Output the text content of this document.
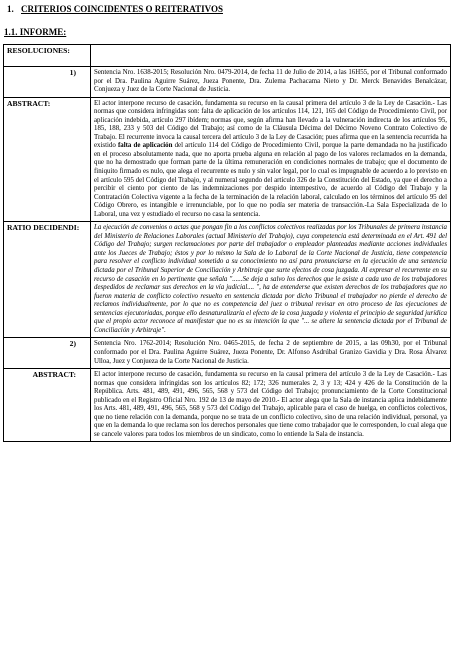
1. CRITERIOS COINCIDENTES O REITERATIVOS
1.1. INFORME:
RESOLUCIONES:	
1)	Sentencia Nro. 1638-2015; Resolución Nro. 0479-2014, de fecha 11 de Julio de 2014, a las 16H55, por el Tribunal conformado por el Dra. Paulina Aguirre Suárez, Jueza Ponente, Dra. Zulema Pachacama Nieto y Dr. Merck Benavides Benalcázar, Conjueza y Juez de la Corte Nacional de Justicia.
ABSTRACT:	El actor interpone recurso de casación, fundamenta su recurso en la causal primera del artículo 3 de la Ley de Casación.- Las normas que considera infringidas son: falta de aplicación de los artículos 114, 121, 165 del Código de Procedimiento Civil, por aplicación indebida, artículo 297 ibídem; normas que, según afirma han llevado a la vulneración indirecta de los artículos 95, 185, 188, 233 y 503 del Código del Trabajo; así como de la Cláusula Décima del Décimo Noveno Contrato Colectivo de Trabajo. El recurrente invoca la causal tercera del artículo 3 de la Ley de Casación; pues afirma que en la sentencia recurrida ha existido falta de aplicación del artículo 114 del Código de Procedimiento Civil, porque la parte demandada no ha justificado en el proceso absolutamente nada, que no aporta prueba alguna en relación al pago de los valores reclamados en la demanda, que no ha demostrado que forman parte de la última remuneración en condiciones normales de trabajo; que el documento de finiquito firmado es nulo, que alega el recurrente es nulo y sin valor legal, por lo cual es impugnable de acuerdo a lo previsto en el artículo 595 del Código del Trabajo, y al numeral segundo del artículo 326 de la Constitución del Estado, ya que el derecho a percibir el ciento por ciento de las indemnizaciones por despido intempestivo, de acuerdo al Código del Trabajo y la Contratación Colectiva vigente a la fecha de la terminación de la relación laboral, calculado en los términos del artículo 95 del Código Obrero, es intangible e irrenunciable, por lo que no podía ser materia de transacción.-La Sala Especializada de lo Laboral, una vez y estudiado el recurso no casa la sentencia.
RATIO DECIDENDI:	La ejecución de convenios o actas que pongan fin a los conflictos colectivos realizadas por los Tribunales de primera instancia del Ministerio de Relaciones Laborales (actual Ministerio del Trabajo), cuya competencia está determinada en el Art. 491 del Código del Trabajo; surgen reclamaciones por parte del trabajador o empleador planteadas mediante acciones individuales ante los Jueces de Trabajo; éstos y por lo mismo la Sala de lo Laboral de la Corte Nacional de Justicia, tiene competencia para resolver el conflicto individual sometido a su conocimiento no así para pronunciarse en la ejecución de una sentencia dictada por el Tribunal Superior de Conciliación y Arbitraje que surte efectos de cosa juzgada. Al expresar el recurrente en su recurso de casación en lo pertinente que señala "......Se deja a salvo los derechos que le asiste a cada uno de los trabajadores despedidos de reclamar sus derechos en la vía judicial.... ", ha de entenderse que existen derechos de los trabajadores que no fueron materia de conflicto colectivo resuelto en sentencia dictada por dicho Tribunal el trabajador no pierde el derecho de reclamos individualmente, por lo que no es competencia del juez o tribunal revisar en otro proceso de las ejecuciones de sentencias ejecutoriadas, porque ello desnaturalizaría el efecto de la cosa juzgada y violenta el principio de seguridad jurídica que el propio actor reconoce al manifestar que no es su intención la que "... se altere la sentencia dictada por el Tribunal de Conciliación y Arbitraje".
2)	Sentencia Nro. 1762-2014; Resolución Nro. 0465-2015, de fecha 2 de septiembre de 2015, a las 09h30, por el Tribunal conformado por el Dra. Paulina Aguirre Suárez, Jueza Ponente, Dr. Alfonso Asdrúbal Granizo Gavidia y Dra. Rosa Álvarez Ulloa, Juez y Conjueza de la Corte Nacional de Justicia.
ABSTRACT:	El actor interpone recurso de casación, fundamenta su recurso en la causal primera del artículo 3 de la Ley de Casación.- Las normas que considera infringidas son los artículos 82; 172; 326 numerales 2, 3 y 13; 424 y 426 de la Constitución de la República. Arts. 481, 489, 491, 496, 565, 568 y 573 del Código del Trabajo; pronunciamiento de la Corte Constitucional publicado en el Registro Oficial Nro. 192 de 13 de mayo de 2010.- El actor alega que la Sala de instancia aplica indebidamente los Arts. 481, 489, 491, 496, 565, 568 y 573 del Código del Trabajo, aplicable para el caso de huelga, en conflictos colectivos, que no tiene relación con la demanda, porque no se trata de un conflicto colectivo, sino de una relación individual, personal, ya que en la demanda lo que reclama son los derechos personales que tiene como trabajador que le corresponden, lo cual alega que se cancele valores para todos los miembros de un sindicato, como lo entiende la Sala de instancia.
